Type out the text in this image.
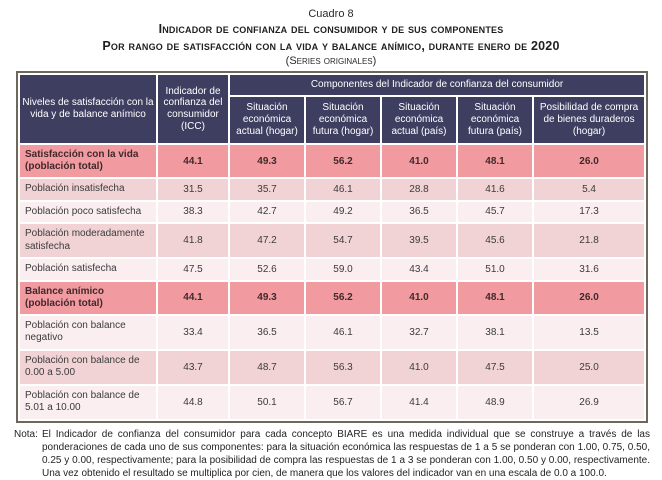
Cuadro 8
Indicador de confianza del consumidor y de sus componentes
Por rango de satisfacción con la vida y balance anímico, durante enero de 2020
(Series originales)
Niveles de satisfacción con la vida y de balance anímico	Indicador de confianza del consumidor (ICC)	Componentes del Indicador de confianza del consumidor				
		Situación económica actual (hogar)	Situación económica futura (hogar)	Situación económica actual (país)	Situación económica futura (país)	Posibilidad de compra de bienes duraderos (hogar)
Satisfacción con la vida (población total)	44.1	49.3	56.2	41.0	48.1	26.0
Población insatisfecha	31.5	35.7	46.1	28.8	41.6	5.4
Población poco satisfecha	38.3	42.7	49.2	36.5	45.7	17.3
Población moderadamente satisfecha	41.8	47.2	54.7	39.5	45.6	21.8
Población satisfecha	47.5	52.6	59.0	43.4	51.0	31.6
Balance anímico (población total)	44.1	49.3	56.2	41.0	48.1	26.0
Población con balance negativo	33.4	36.5	46.1	32.7	38.1	13.5
Población con balance de 0.00 a 5.00	43.7	48.7	56.3	41.0	47.5	25.0
Población con balance de 5.01 a 10.00	44.8	50.1	56.7	41.4	48.9	26.9
Nota: El Indicador de confianza del consumidor para cada concepto BIARE es una medida individual que se construye a través de las ponderaciones de cada uno de sus componentes: para la situación económica las respuestas de 1 a 5 se ponderan con 1.00, 0.75, 0.50, 0.25 y 0.00, respectivamente; para la posibilidad de compra las respuestas de 1 a 3 se ponderan con 1.00, 0.50 y 0.00, respectivamente. Una vez obtenido el resultado se multiplica por cien, de manera que los valores del indicador van en una escala de 0.0 a 100.0.
